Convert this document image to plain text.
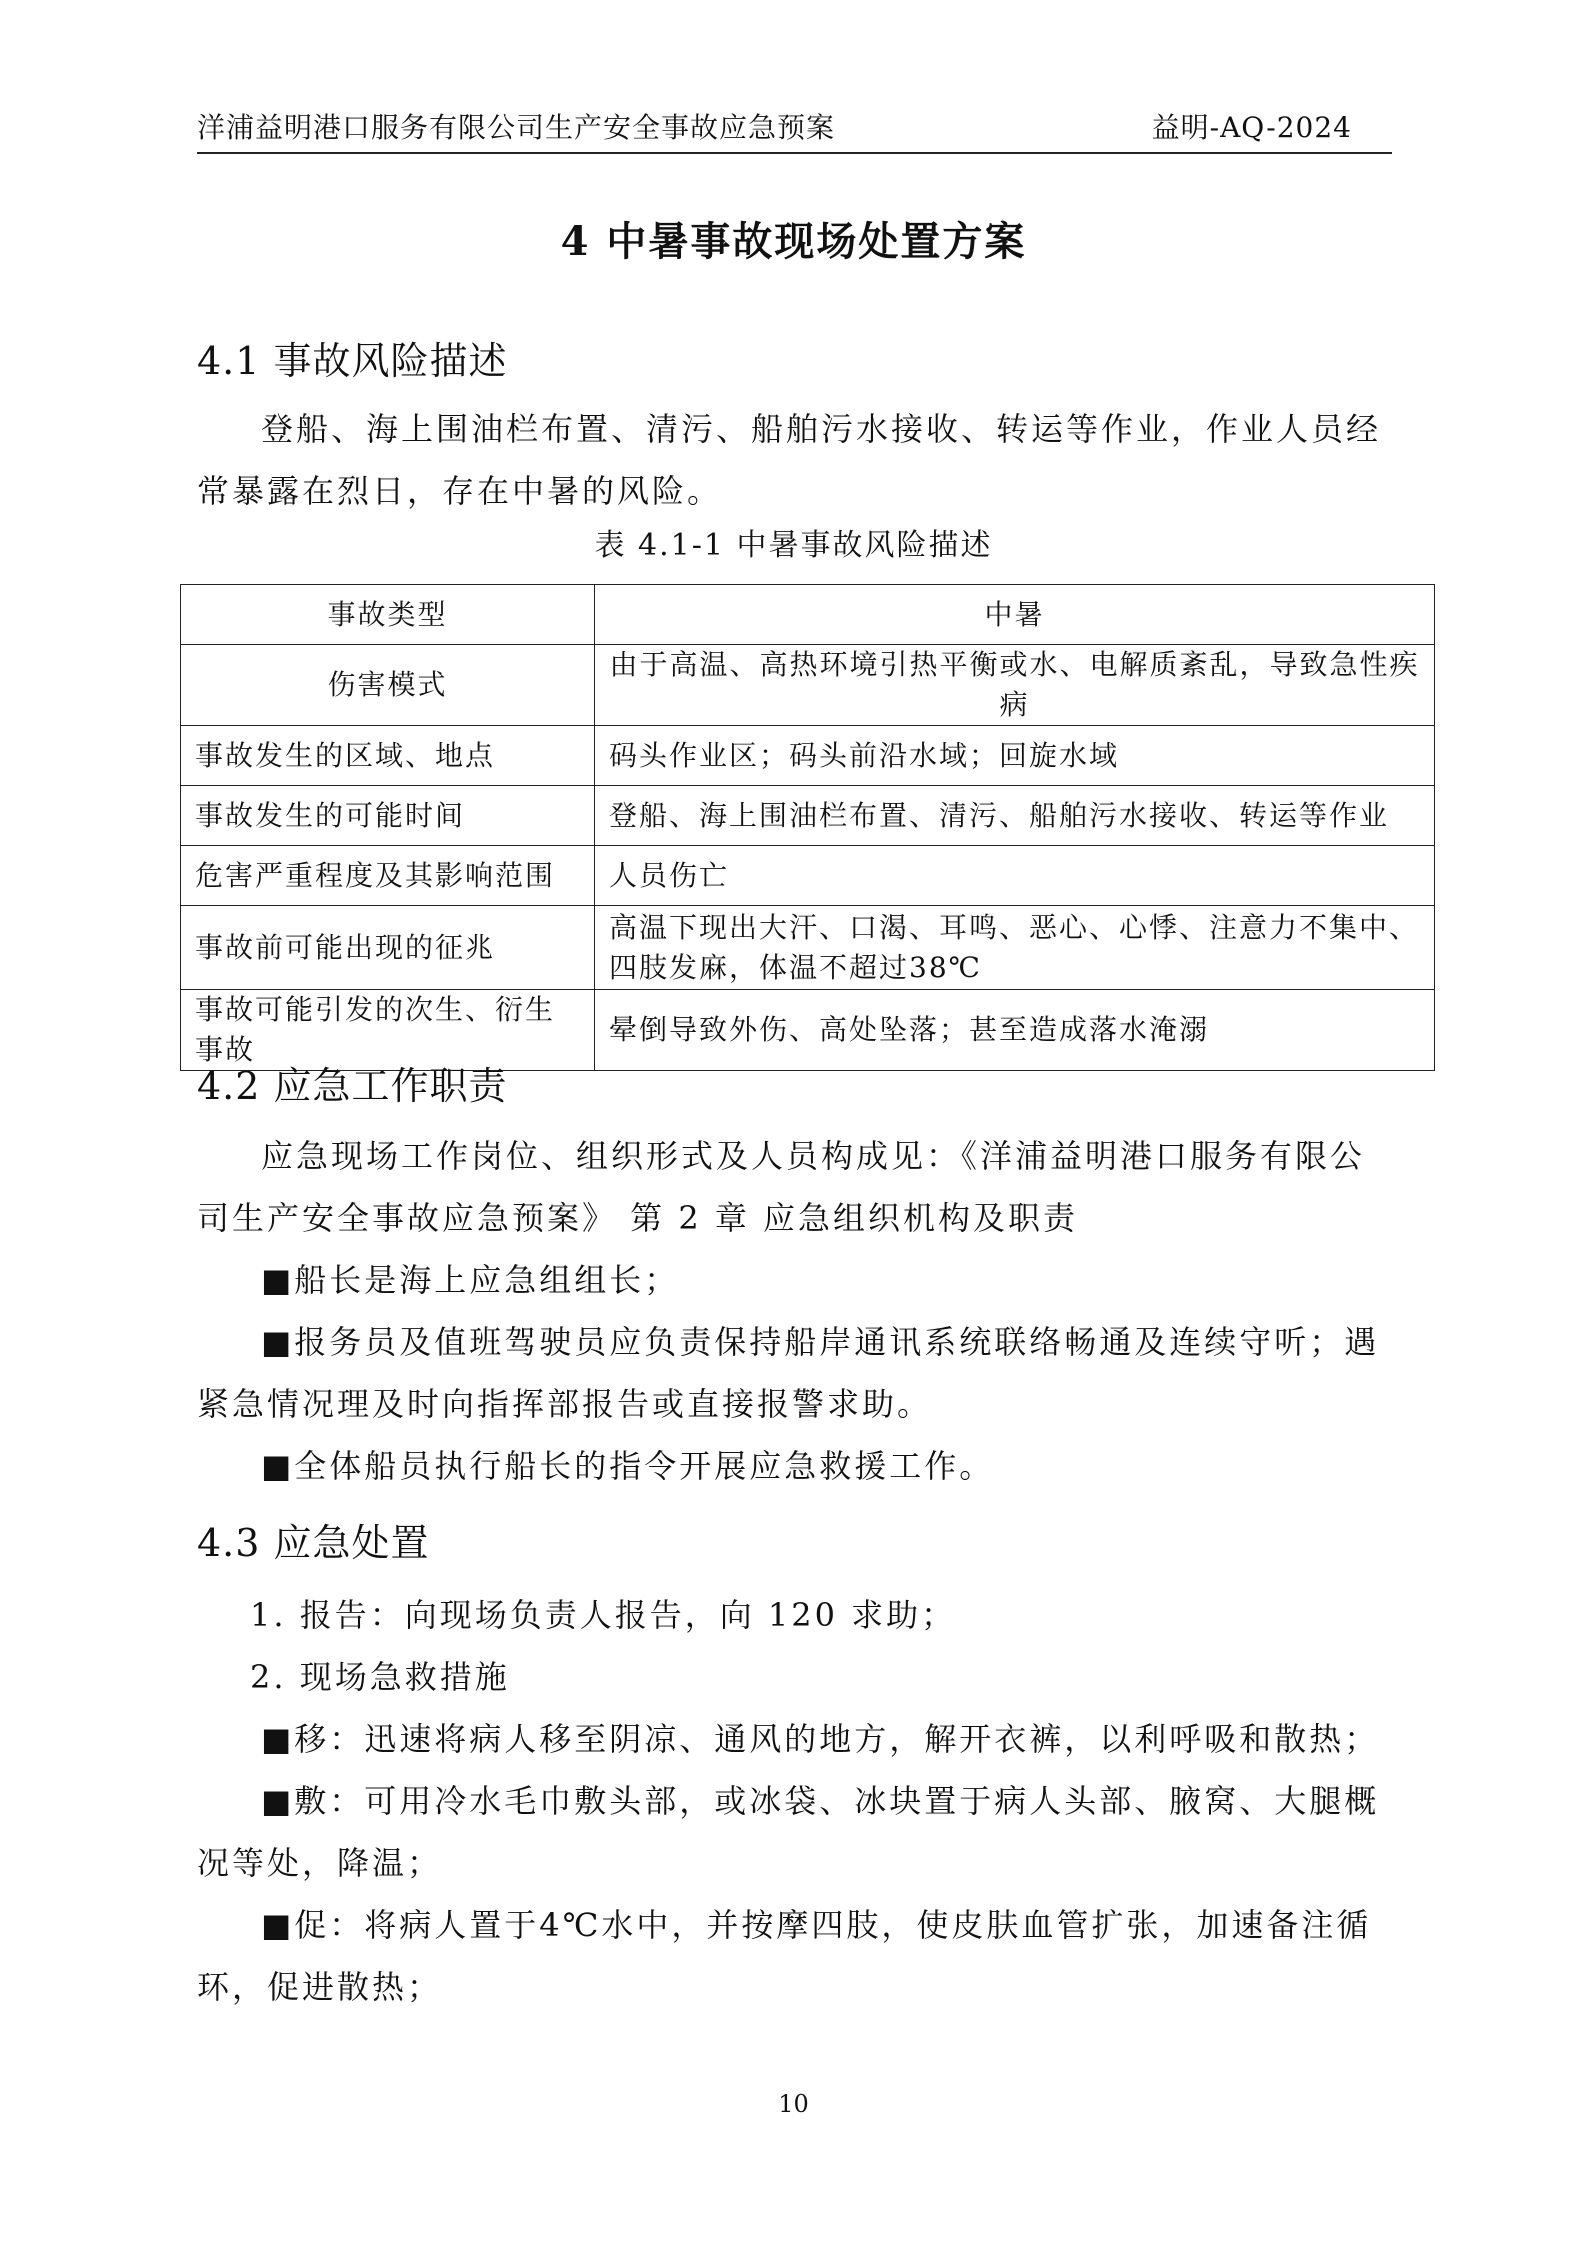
洋浦益明港口服务有限公司生产安全事故应急预案	益明-AQ-2024
4 中暑事故现场处置方案
4.1 事故风险描述
登船、海上围油栏布置、清污、船舶污水接收、转运等作业，作业人员经常暴露在烈日，存在中暑的风险。
表 4.1-1 中暑事故风险描述
事故类型	中暑
伤害模式	由于高温、高热环境引热平衡或水、电解质紊乱，导致急性疾病
事故发生的区域、地点	码头作业区；码头前沿水域；回旋水域
事故发生的可能时间	登船、海上围油栏布置、清污、船舶污水接收、转运等作业
危害严重程度及其影响范围	人员伤亡
事故前可能出现的征兆	高温下现出大汗、口渴、耳鸣、恶心、心悸、注意力不集中、四肢发麻，体温不超过38℃
事故可能引发的次生、衍生事故	晕倒导致外伤、高处坠落；甚至造成落水淹溺
4.2 应急工作职责
应急现场工作岗位、组织形式及人员构成见：《洋浦益明港口服务有限公司生产安全事故应急预案》 第 2 章 应急组织机构及职责
■船长是海上应急组组长；
■报务员及值班驾驶员应负责保持船岸通讯系统联络畅通及连续守听；遇紧急情况理及时向指挥部报告或直接报警求助。
■全体船员执行船长的指令开展应急救援工作。
4.3 应急处置
1. 报告：向现场负责人报告，向 120 求助；
2. 现场急救措施
■移：迅速将病人移至阴凉、通风的地方，解开衣裤，以利呼吸和散热；
■敷：可用冷水毛巾敷头部，或冰袋、冰块置于病人头部、腋窝、大腿概况等处，降温；
■促：将病人置于4℃水中，并按摩四肢，使皮肤血管扩张，加速备注循环，促进散热；
10
